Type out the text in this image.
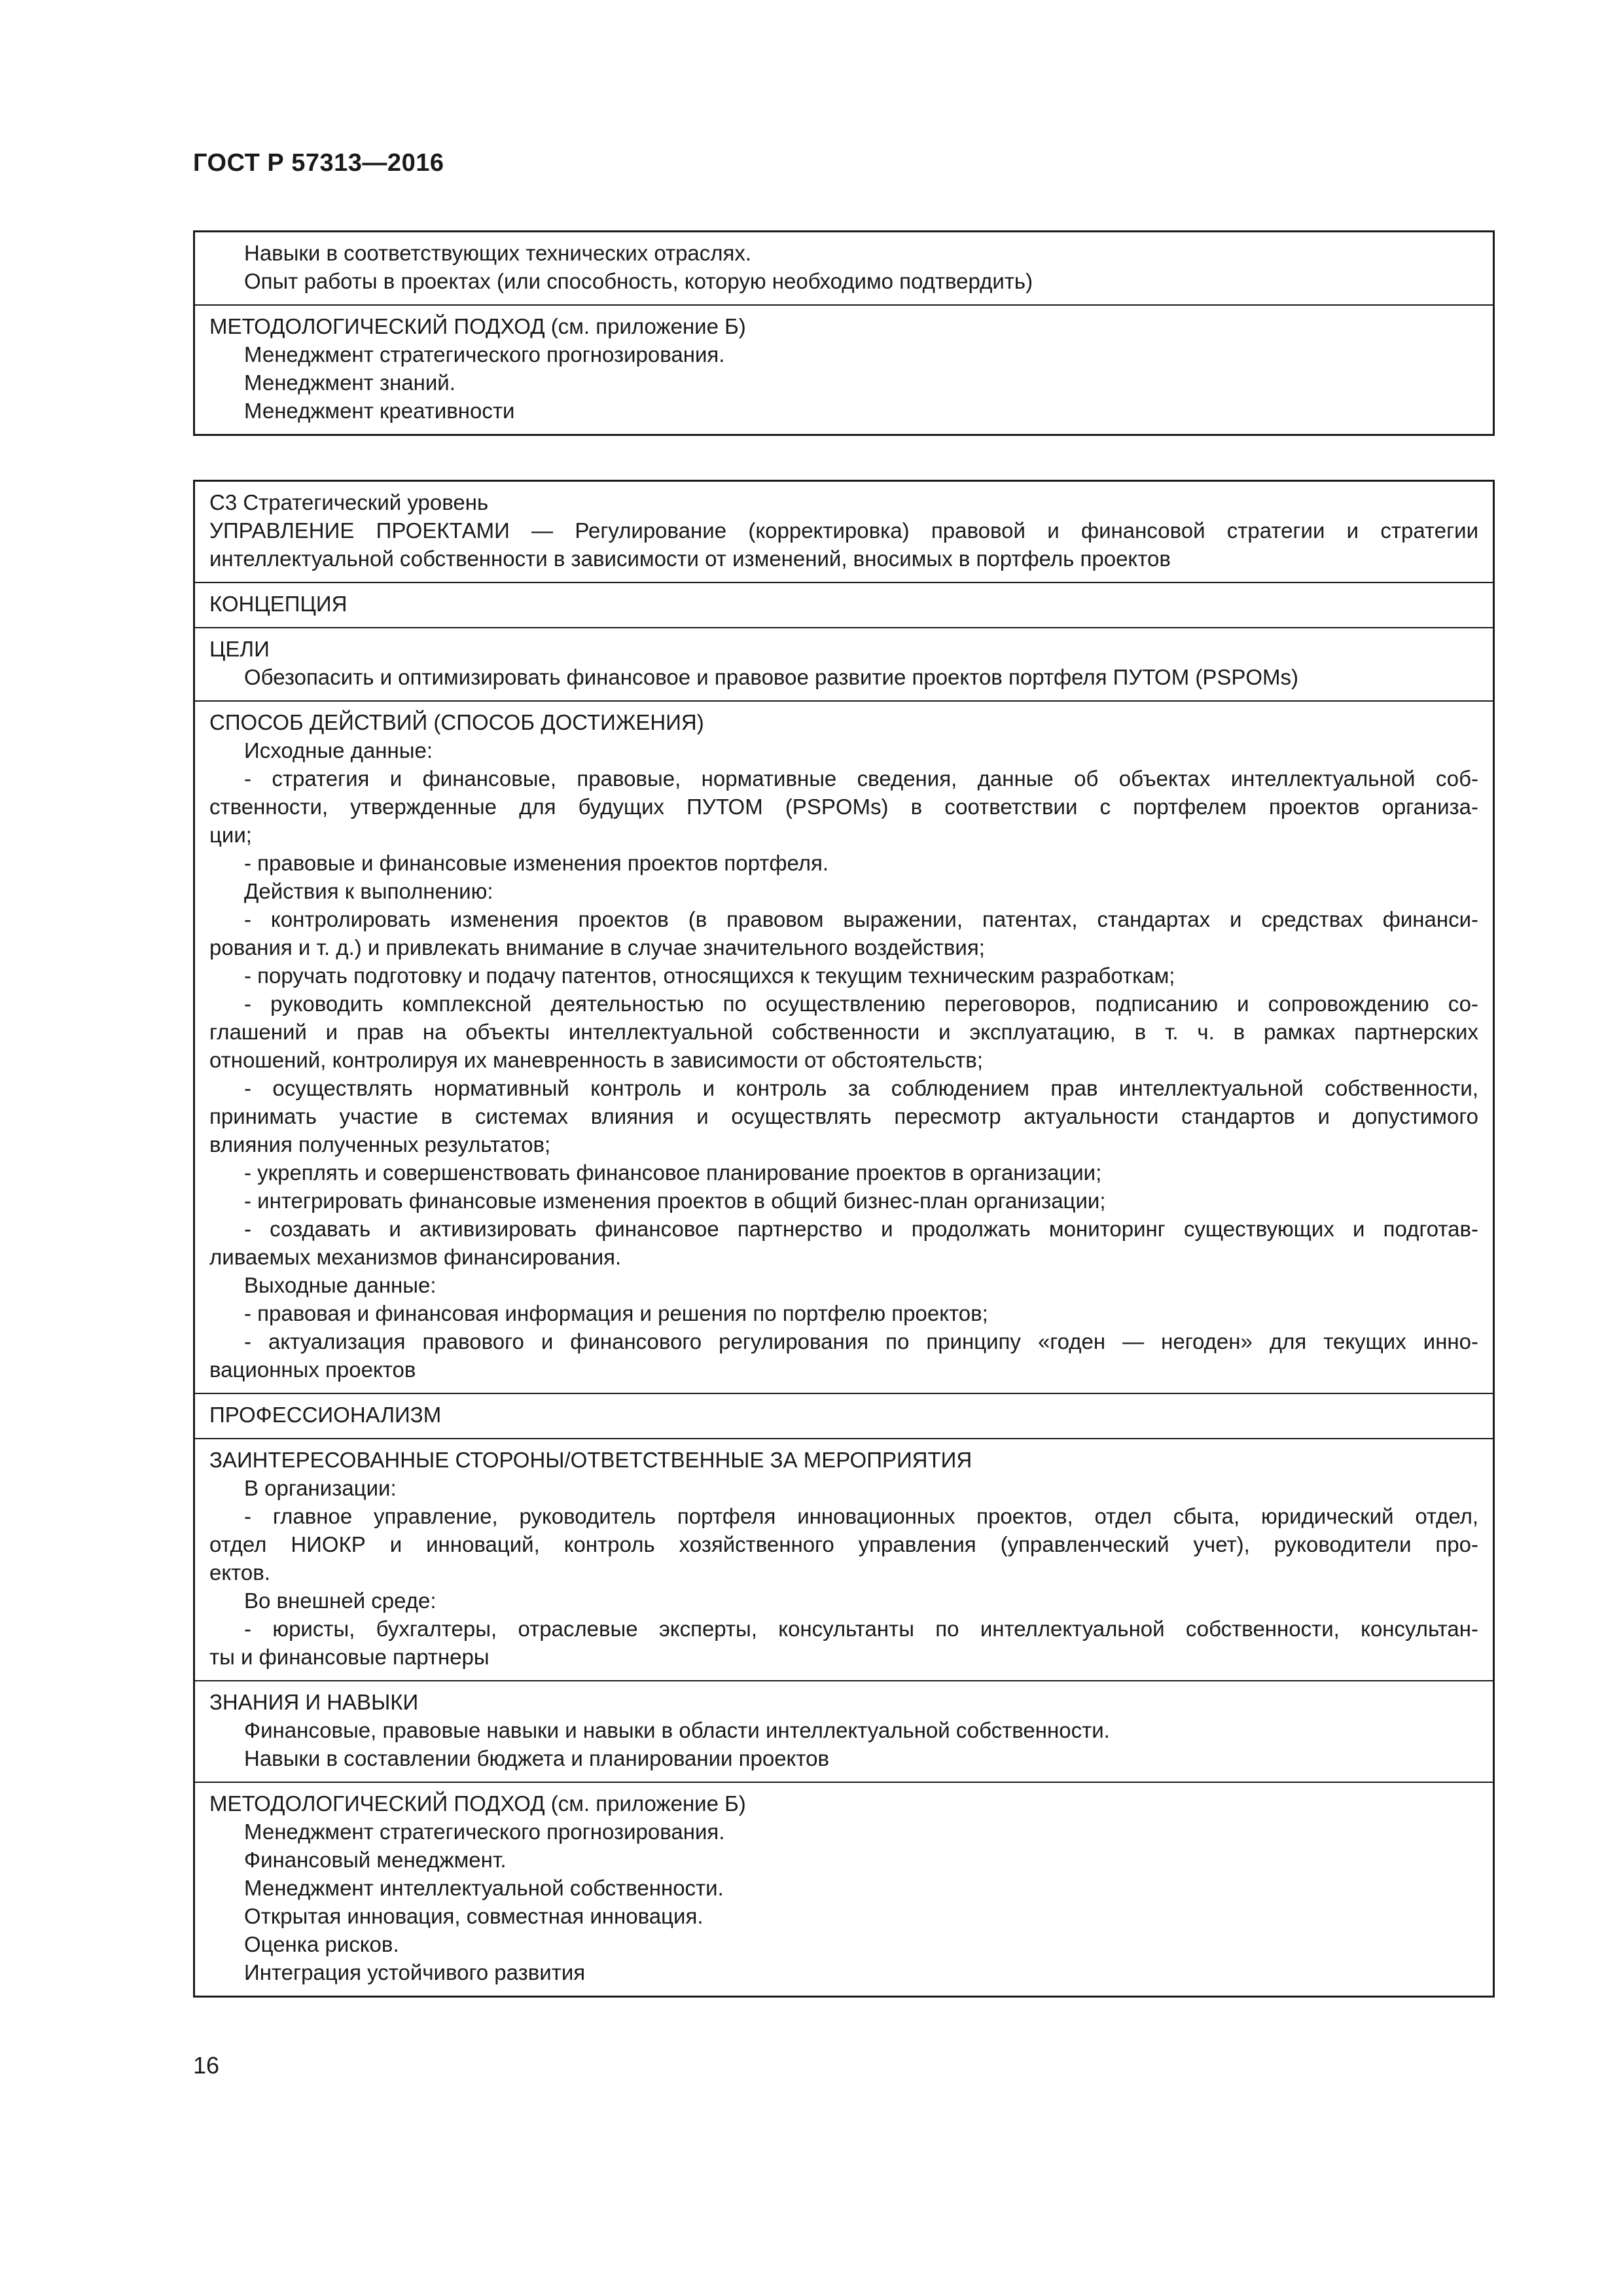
ГОСТ Р 57313—2016
Навыки в соответствующих технических отраслях.
Опыт работы в проектах (или способность, которую необходимо подтвердить)
МЕТОДОЛОГИЧЕСКИЙ ПОДХОД (см. приложение Б)
Менеджмент стратегического прогнозирования.
Менеджмент знаний.
Менеджмент креативности
С3 Стратегический уровень
УПРАВЛЕНИЕ ПРОЕКТАМИ — Регулирование (корректировка) правовой и финансовой стратегии и стратегии
интеллектуальной собственности в зависимости от изменений, вносимых в портфель проектов
КОНЦЕПЦИЯ
ЦЕЛИ
Обезопасить и оптимизировать финансовое и правовое развитие проектов портфеля ПУТОМ (PSPOMs)
СПОСОБ ДЕЙСТВИЙ (СПОСОБ ДОСТИЖЕНИЯ)
Исходные данные:
- стратегия и финансовые, правовые, нормативные сведения, данные об объектах интеллектуальной соб-
ственности, утвержденные для будущих ПУТОМ (PSPOMs) в соответствии с портфелем проектов организа-
ции;
- правовые и финансовые изменения проектов портфеля.
Действия к выполнению:
- контролировать изменения проектов (в правовом выражении, патентах, стандартах и средствах финанси-
рования и т. д.) и привлекать внимание в случае значительного воздействия;
- поручать подготовку и подачу патентов, относящихся к текущим техническим разработкам;
- руководить комплексной деятельностью по осуществлению переговоров, подписанию и сопровождению со-
глашений и прав на объекты интеллектуальной собственности и эксплуатацию, в т. ч. в рамках партнерских
отношений, контролируя их маневренность в зависимости от обстоятельств;
- осуществлять нормативный контроль и контроль за соблюдением прав интеллектуальной собственности,
принимать участие в системах влияния и осуществлять пересмотр актуальности стандартов и допустимого
влияния полученных результатов;
- укреплять и совершенствовать финансовое планирование проектов в организации;
- интегрировать финансовые изменения проектов в общий бизнес-план организации;
- создавать и активизировать финансовое партнерство и продолжать мониторинг существующих и подготав-
ливаемых механизмов финансирования.
Выходные данные:
- правовая и финансовая информация и решения по портфелю проектов;
- актуализация правового и финансового регулирования по принципу «годен — негоден» для текущих инно-
вационных проектов
ПРОФЕССИОНАЛИЗМ
ЗАИНТЕРЕСОВАННЫЕ СТОРОНЫ/ОТВЕТСТВЕННЫЕ ЗА МЕРОПРИЯТИЯ
В организации:
- главное управление, руководитель портфеля инновационных проектов, отдел сбыта, юридический отдел,
отдел НИОКР и инноваций, контроль хозяйственного управления (управленческий учет), руководители про-
ектов.
Во внешней среде:
- юристы, бухгалтеры, отраслевые эксперты, консультанты по интеллектуальной собственности, консультан-
ты и финансовые партнеры
ЗНАНИЯ И НАВЫКИ
Финансовые, правовые навыки и навыки в области интеллектуальной собственности.
Навыки в составлении бюджета и планировании проектов
МЕТОДОЛОГИЧЕСКИЙ ПОДХОД (см. приложение Б)
Менеджмент стратегического прогнозирования.
Финансовый менеджмент.
Менеджмент интеллектуальной собственности.
Открытая инновация, совместная инновация.
Оценка рисков.
Интеграция устойчивого развития
16
